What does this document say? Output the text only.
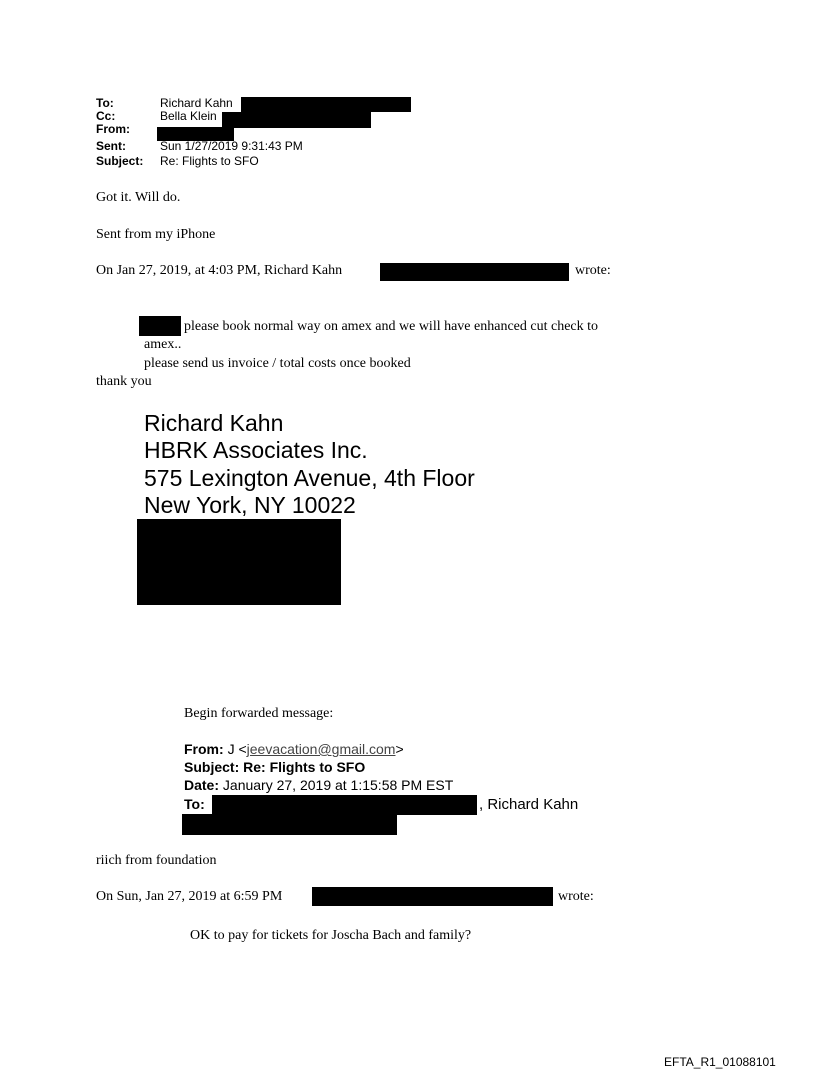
To:	Richard Kahn
Cc:	Bella Klein
From:
Sent:	Sun 1/27/2019 9:31:43 PM
Subject: Re: Flights to SFO
Got it. Will do.
Sent from my iPhone
On Jan 27, 2019, at 4:03 PM, Richard Kahn	wrote:
please book normal way on amex and we will have enhanced cut check to
amex..
please send us invoice / total costs once booked
thank you
Richard Kahn
HBRK Associates Inc.
575 Lexington Avenue, 4th Floor
New York, NY 10022
Begin forwarded message:
From: J <jeevacation@gmail.com>
Subject: Re: Flights to SFO
Date: January 27, 2019 at 1:15:58 PM EST
To:	, Richard Kahn
riich from foundation
On Sun, Jan 27, 2019 at 6:59 PM	wrote:
OK to pay for tickets for Joscha Bach and family?
EFTA_R1_01088101
